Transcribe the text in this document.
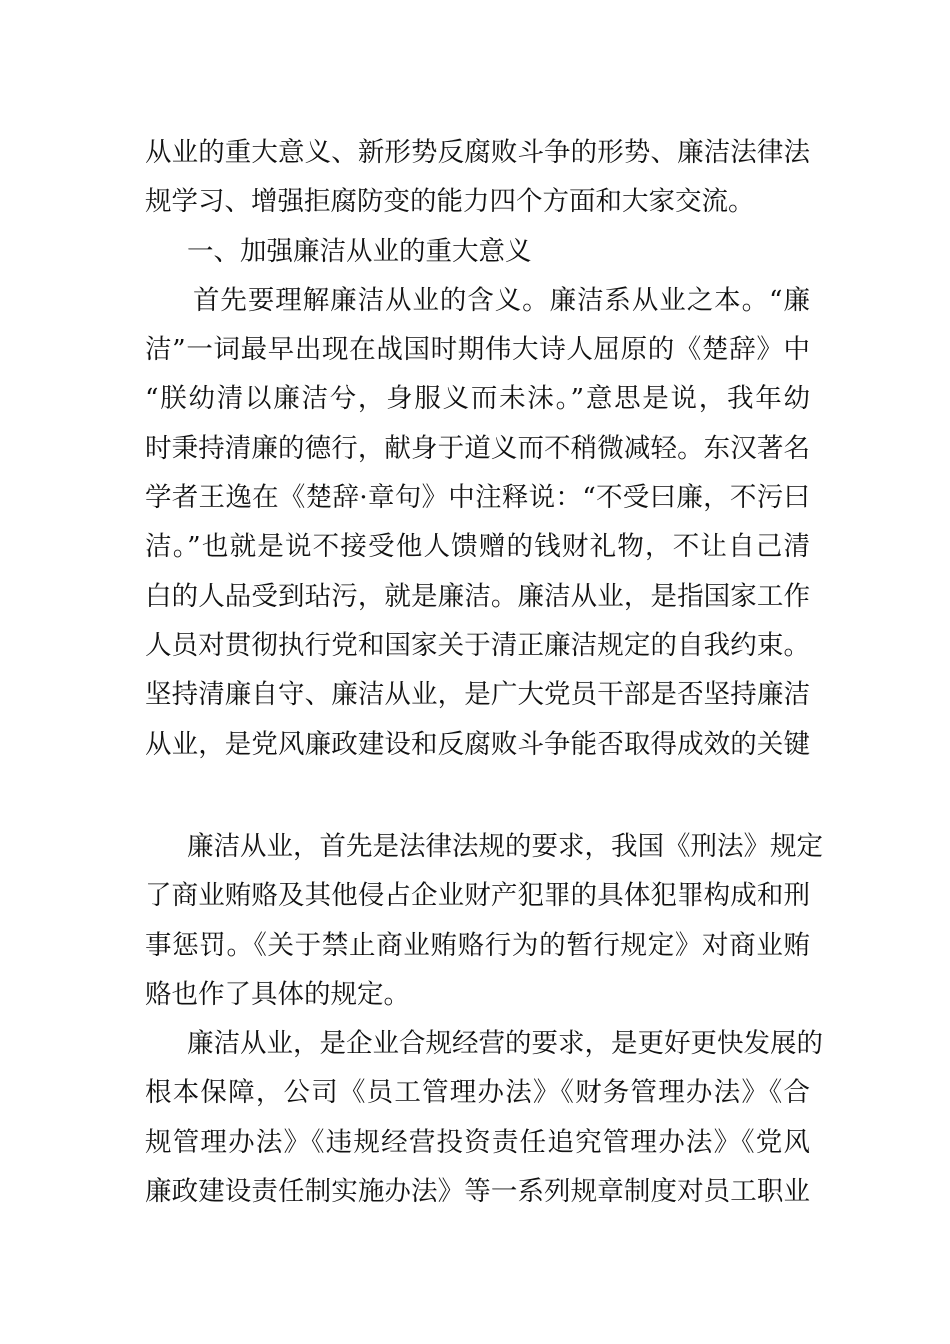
从业的重大意义、新形势反腐败斗争的形势、廉洁法律法
规学习、增强拒腐防变的能力四个方面和大家交流。
一、加强廉洁从业的重大意义
首先要理解廉洁从业的含义。廉洁系从业之本。“廉
洁”一词最早出现在战国时期伟大诗人屈原的《楚辞》中
“朕幼清以廉洁兮，身服义而未沬。”意思是说，我年幼
时秉持清廉的德行，献身于道义而不稍微减轻。东汉著名
学者王逸在《楚辞·章句》中注释说：“不受曰廉，不污曰
洁。”也就是说不接受他人馈赠的钱财礼物，不让自己清
白的人品受到玷污，就是廉洁。廉洁从业，是指国家工作
人员对贯彻执行党和国家关于清正廉洁规定的自我约束。
坚持清廉自守、廉洁从业，是广大党员干部是否坚持廉洁
从业，是党风廉政建设和反腐败斗争能否取得成效的关键
廉洁从业，首先是法律法规的要求，我国《刑法》规定
了商业贿赂及其他侵占企业财产犯罪的具体犯罪构成和刑
事惩罚。《关于禁止商业贿赂行为的暂行规定》对商业贿
赂也作了具体的规定。
廉洁从业，是企业合规经营的要求，是更好更快发展的
根本保障，公司《员工管理办法》《财务管理办法》《合
规管理办法》《违规经营投资责任追究管理办法》《党风
廉政建设责任制实施办法》等一系列规章制度对员工职业
